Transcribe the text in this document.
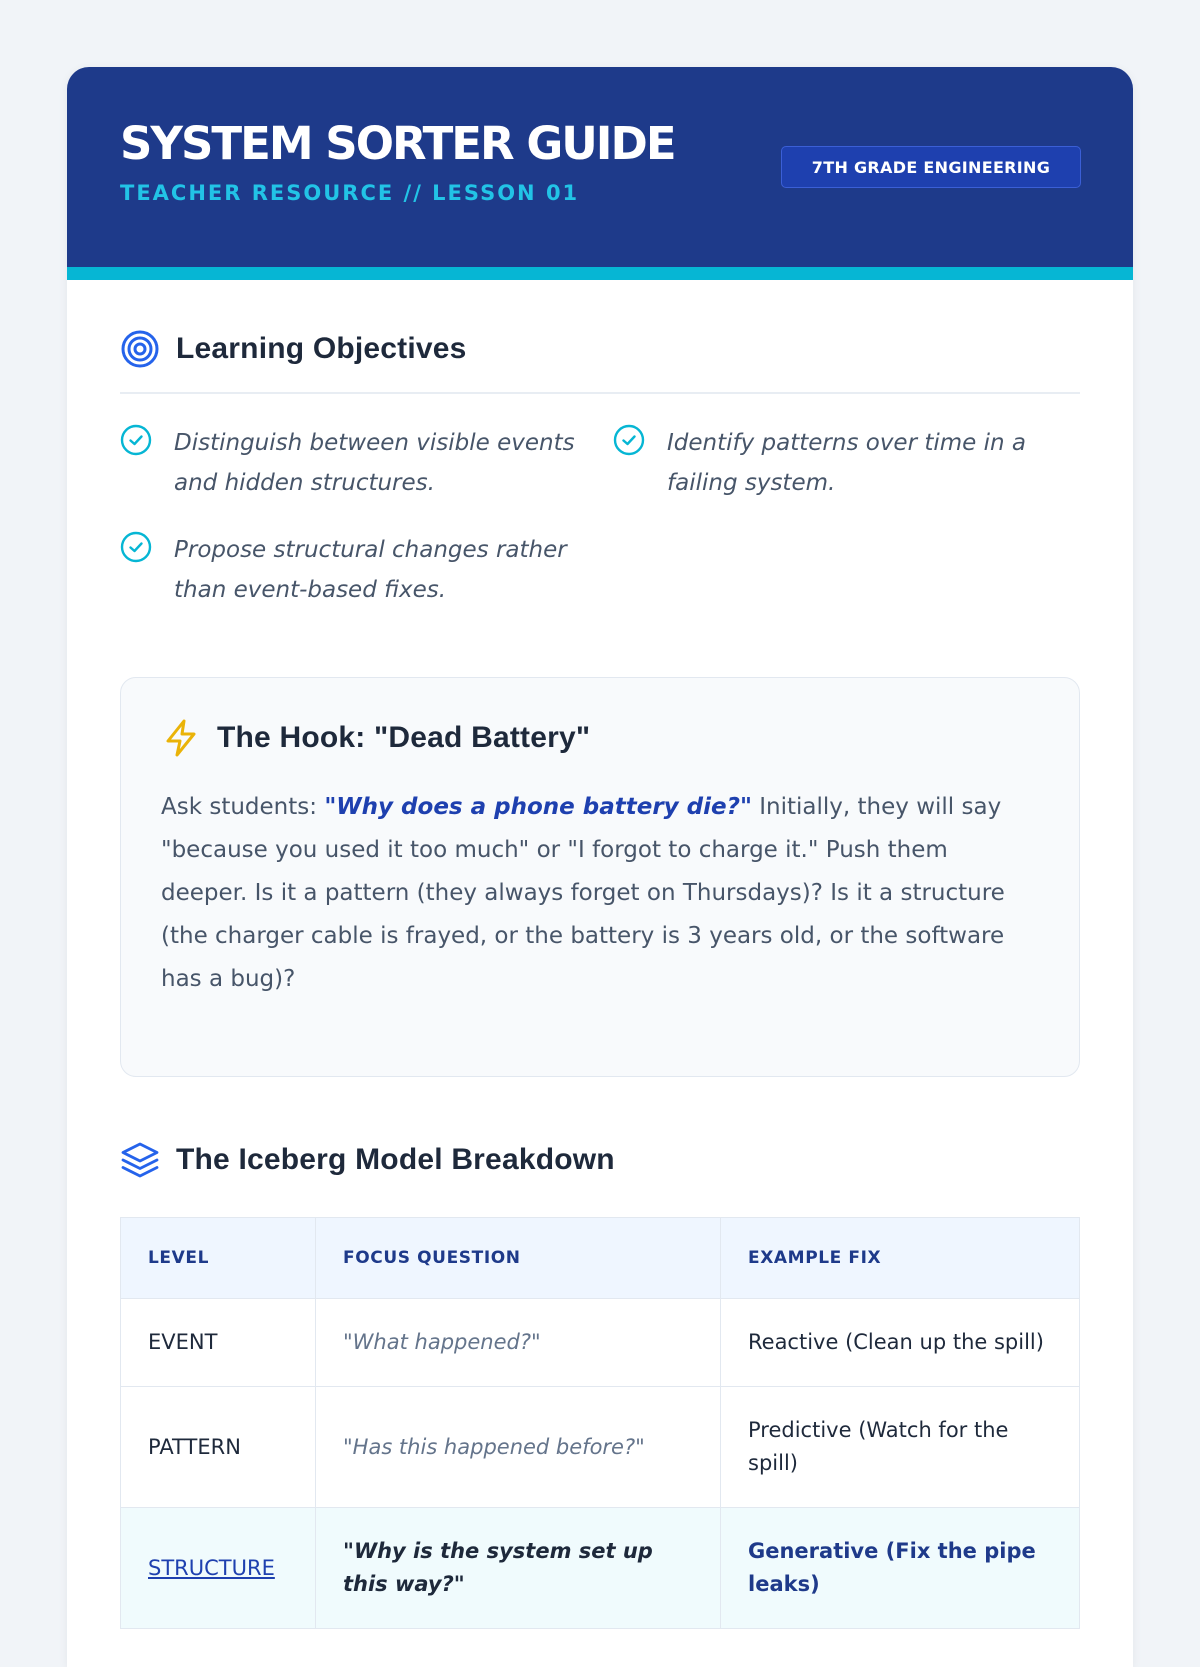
SYSTEM SORTER GUIDE
TEACHER RESOURCE // LESSON 01
7TH GRADE ENGINEERING
Learning Objectives
Distinguish between visible events and hidden structures.
Identify patterns over time in a failing system.
Propose structural changes rather than event-based fixes.
The Hook: "Dead Battery"
Ask students: "Why does a phone battery die?" Initially, they will say "because you used it too much" or "I forgot to charge it." Push them deeper. Is it a pattern (they always forget on Thursdays)? Is it a structure (the charger cable is frayed, or the battery is 3 years old, or the software has a bug)?
The Iceberg Model Breakdown
LEVEL	FOCUS QUESTION	EXAMPLE FIX
EVENT	"What happened?"	Reactive (Clean up the spill)
PATTERN	"Has this happened before?"	Predictive (Watch for the spill)
STRUCTURE	"Why is the system set up this way?"	Generative (Fix the pipe leaks)
